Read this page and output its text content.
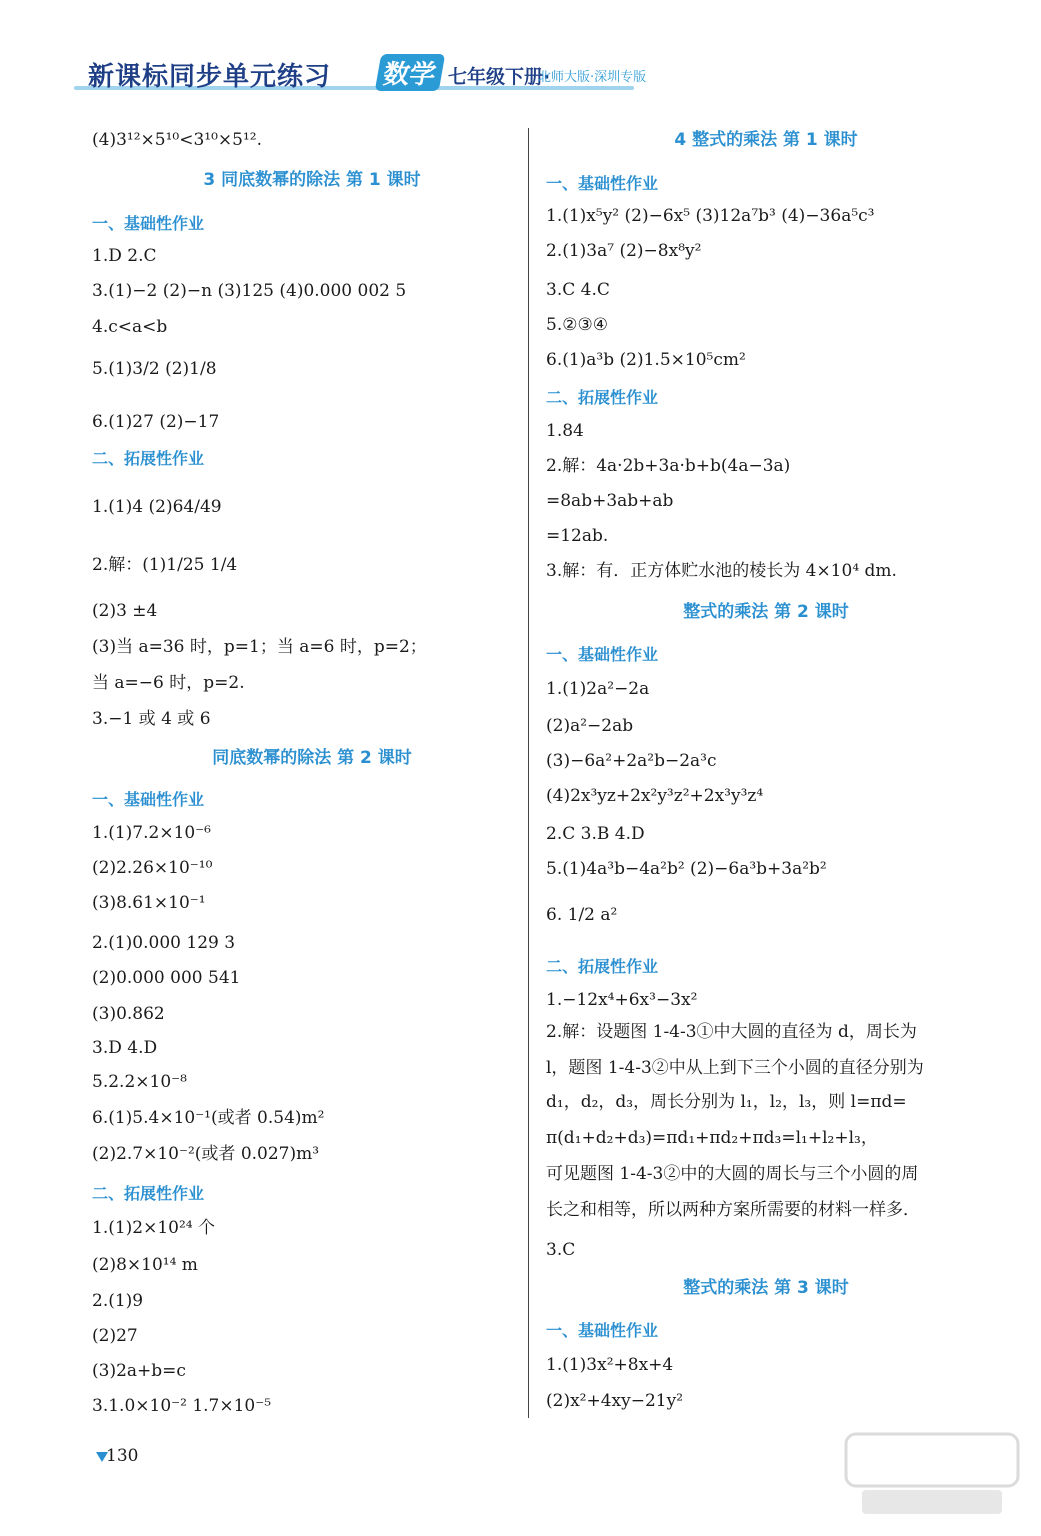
新课标同步单元练习 数学 七年级下册·
北师大版·深圳专版
(4)3¹²×5¹⁰<3¹⁰×5¹².
3 同底数幂的除法 第 1 课时
一、基础性作业
1.D 2.C
3.(1)−2 (2)−n (3)125 (4)0.000 002 5
4.c<a<b
5.(1)3/2 (2)1/8
6.(1)27 (2)−17
二、拓展性作业
1.(1)4 (2)64/49
2.解：(1)1/25 1/4
(2)3 ±4
(3)当 a=36 时，p=1；当 a=6 时，p=2；
当 a=−6 时，p=2.
3.−1 或 4 或 6
同底数幂的除法 第 2 课时
一、基础性作业
1.(1)7.2×10⁻⁶
(2)2.26×10⁻¹⁰
(3)8.61×10⁻¹
2.(1)0.000 129 3
(2)0.000 000 541
(3)0.862
3.D 4.D
5.2.2×10⁻⁸
6.(1)5.4×10⁻¹(或者 0.54)m²
(2)2.7×10⁻²(或者 0.027)m³
二、拓展性作业
1.(1)2×10²⁴ 个
(2)8×10¹⁴ m
2.(1)9
(2)27
(3)2a+b=c
3.1.0×10⁻² 1.7×10⁻⁵
4 整式的乘法 第 1 课时
一、基础性作业
1.(1)x⁵y² (2)−6x⁵ (3)12a⁷b³ (4)−36a⁵c³
2.(1)3a⁷ (2)−8x⁸y²
3.C 4.C
5.②③④
6.(1)a³b (2)1.5×10⁵cm²
二、拓展性作业
1.84
2.解：4a·2b+3a·b+b(4a−3a)
=8ab+3ab+ab
=12ab.
3.解：有．正方体贮水池的棱长为 4×10⁴ dm.
整式的乘法 第 2 课时
一、基础性作业
1.(1)2a²−2a
(2)a²−2ab
(3)−6a²+2a²b−2a³c
(4)2x³yz+2x²y³z²+2x³y³z⁴
2.C 3.B 4.D
5.(1)4a³b−4a²b² (2)−6a³b+3a²b²
6. 1/2 a²
二、拓展性作业
1.−12x⁴+6x³−3x²
2.解：设题图 1-4-3①中大圆的直径为 d，周长为
l，题图 1-4-3②中从上到下三个小圆的直径分别为
d₁，d₂，d₃，周长分别为 l₁，l₂，l₃，则 l=πd=
π(d₁+d₂+d₃)=πd₁+πd₂+πd₃=l₁+l₂+l₃，
可见题图 1-4-3②中的大圆的周长与三个小圆的周
长之和相等，所以两种方案所需要的材料一样多．
3.C
整式的乘法 第 3 课时
一、基础性作业
1.(1)3x²+8x+4
(2)x²+4xy−21y²
130
